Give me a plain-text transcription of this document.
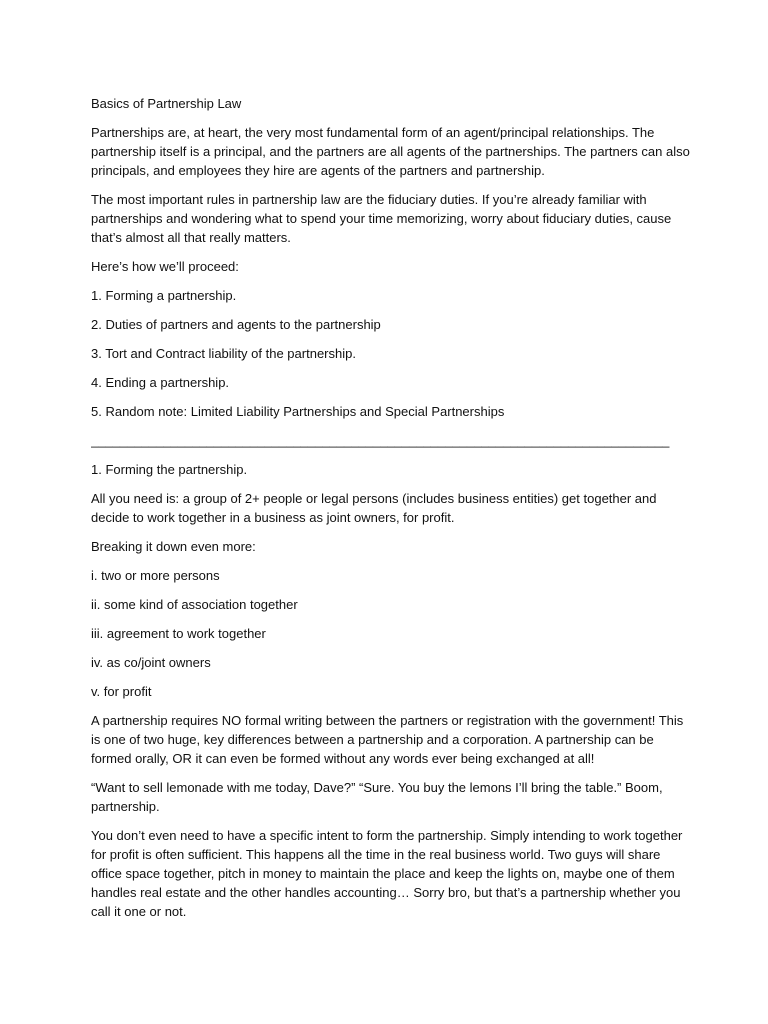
Basics of Partnership Law

Partnerships are, at heart, the very most fundamental form of an agent/principal relationships. The partnership itself is a principal, and the partners are all agents of the partnerships. The partners can also principals, and employees they hire are agents of the partners and partnership.

The most important rules in partnership law are the fiduciary duties. If you’re already familiar with partnerships and wondering what to spend your time memorizing, worry about fiduciary duties, cause that’s almost all that really matters.

Here’s how we’ll proceed:

1. Forming a partnership.

2. Duties of partners and agents to the partnership

3. Tort and Contract liability of the partnership.

4. Ending a partnership.

5. Random note: Limited Liability Partnerships and Special Partnerships

________________________________________________________________________________

1. Forming the partnership.

All you need is: a group of 2+ people or legal persons (includes business entities) get together and decide to work together in a business as joint owners, for profit.

Breaking it down even more:

i. two or more persons

ii. some kind of association together

iii. agreement to work together

iv. as co/joint owners

v. for profit

A partnership requires NO formal writing between the partners or registration with the government! This is one of two huge, key differences between a partnership and a corporation. A partnership can be formed orally, OR it can even be formed without any words ever being exchanged at all!

“Want to sell lemonade with me today, Dave?” “Sure. You buy the lemons I’ll bring the table.” Boom, partnership.

You don’t even need to have a specific intent to form the partnership. Simply intending to work together for profit is often sufficient. This happens all the time in the real business world. Two guys will share office space together, pitch in money to maintain the place and keep the lights on, maybe one of them handles real estate and the other handles accounting… Sorry bro, but that’s a partnership whether you call it one or not.
